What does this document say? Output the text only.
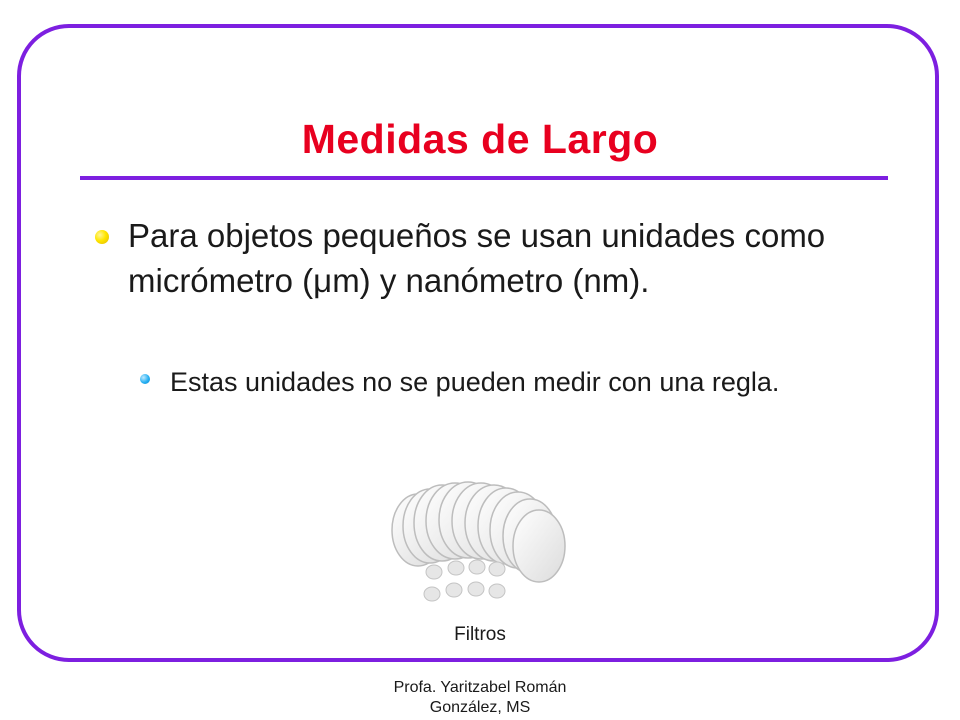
Medidas de Largo

Para objetos pequeños se usan unidades como micrómetro (μm) y nanómetro (nm).

Estas unidades no se pueden medir con una regla.

Filtros
Profa. Yaritzabel Román
González, MS
